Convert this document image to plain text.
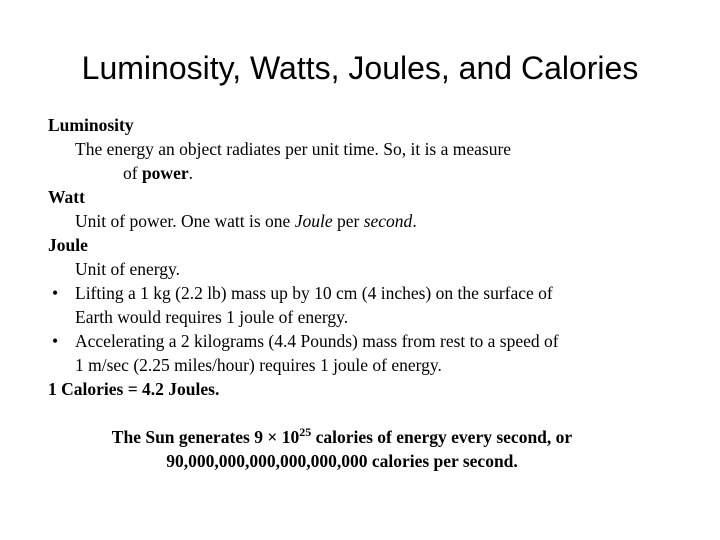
Luminosity, Watts, Joules, and Calories
Luminosity
The energy an object radiates per unit time. So, it is a measure
of power.
Watt
Unit of power. One watt is one Joule per second.
Joule
Unit of energy.
• Lifting a 1 kg (2.2 lb) mass up by 10 cm (4 inches) on the surface of
Earth would requires 1 joule of energy.
• Accelerating a 2 kilograms (4.4 Pounds) mass from rest to a speed of
1 m/sec (2.25 miles/hour) requires 1 joule of energy.
1 Calories = 4.2 Joules.
The Sun generates $9 \times 10^{25}$ calories of energy every second, or
90,000,000,000,000,000,000 calories per second.
